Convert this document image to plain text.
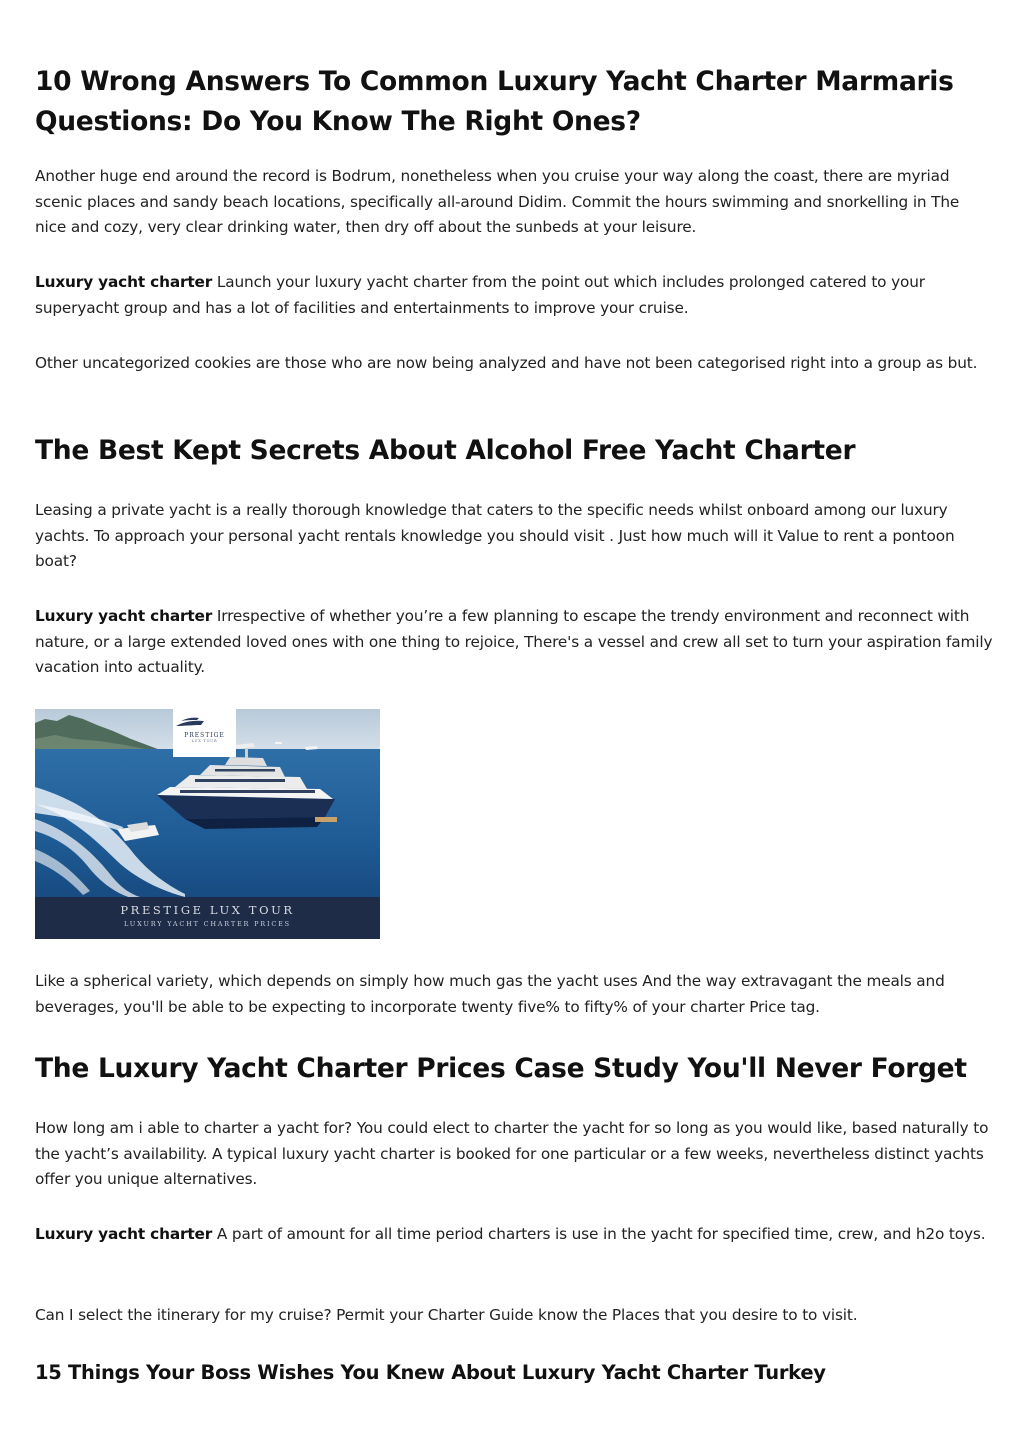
10 Wrong Answers To Common Luxury Yacht Charter Marmaris Questions: Do You Know The Right Ones?

Another huge end around the record is Bodrum, nonetheless when you cruise your way along the coast, there are myriad scenic places and sandy beach locations, specifically all-around Didim. Commit the hours swimming and snorkelling in The nice and cozy, very clear drinking water, then dry off about the sunbeds at your leisure.

Luxury yacht charter Launch your luxury yacht charter from the point out which includes prolonged catered to your superyacht group and has a lot of facilities and entertainments to improve your cruise.

Other uncategorized cookies are those who are now being analyzed and have not been categorised right into a group as but.

The Best Kept Secrets About Alcohol Free Yacht Charter

Leasing a private yacht is a really thorough knowledge that caters to the specific needs whilst onboard among our luxury yachts. To approach your personal yacht rentals knowledge you should visit . Just how much will it Value to rent a pontoon boat?

Luxury yacht charter Irrespective of whether you’re a few planning to escape the trendy environment and reconnect with nature, or a large extended loved ones with one thing to rejoice, There's a vessel and crew all set to turn your aspiration family vacation into actuality.

PRESTIGE
LUX TOUR
PRESTIGE LUX TOUR
LUXURY YACHT CHARTER PRICES

Like a spherical variety, which depends on simply how much gas the yacht uses And the way extravagant the meals and beverages, you'll be able to be expecting to incorporate twenty five% to fifty% of your charter Price tag.

The Luxury Yacht Charter Prices Case Study You'll Never Forget

How long am i able to charter a yacht for? You could elect to charter the yacht for so long as you would like, based naturally to the yacht’s availability. A typical luxury yacht charter is booked for one particular or a few weeks, nevertheless distinct yachts offer you unique alternatives.

Luxury yacht charter A part of amount for all time period charters is use in the yacht for specified time, crew, and h2o toys.

Can I select the itinerary for my cruise? Permit your Charter Guide know the Places that you desire to to visit.

15 Things Your Boss Wishes You Knew About Luxury Yacht Charter Turkey
